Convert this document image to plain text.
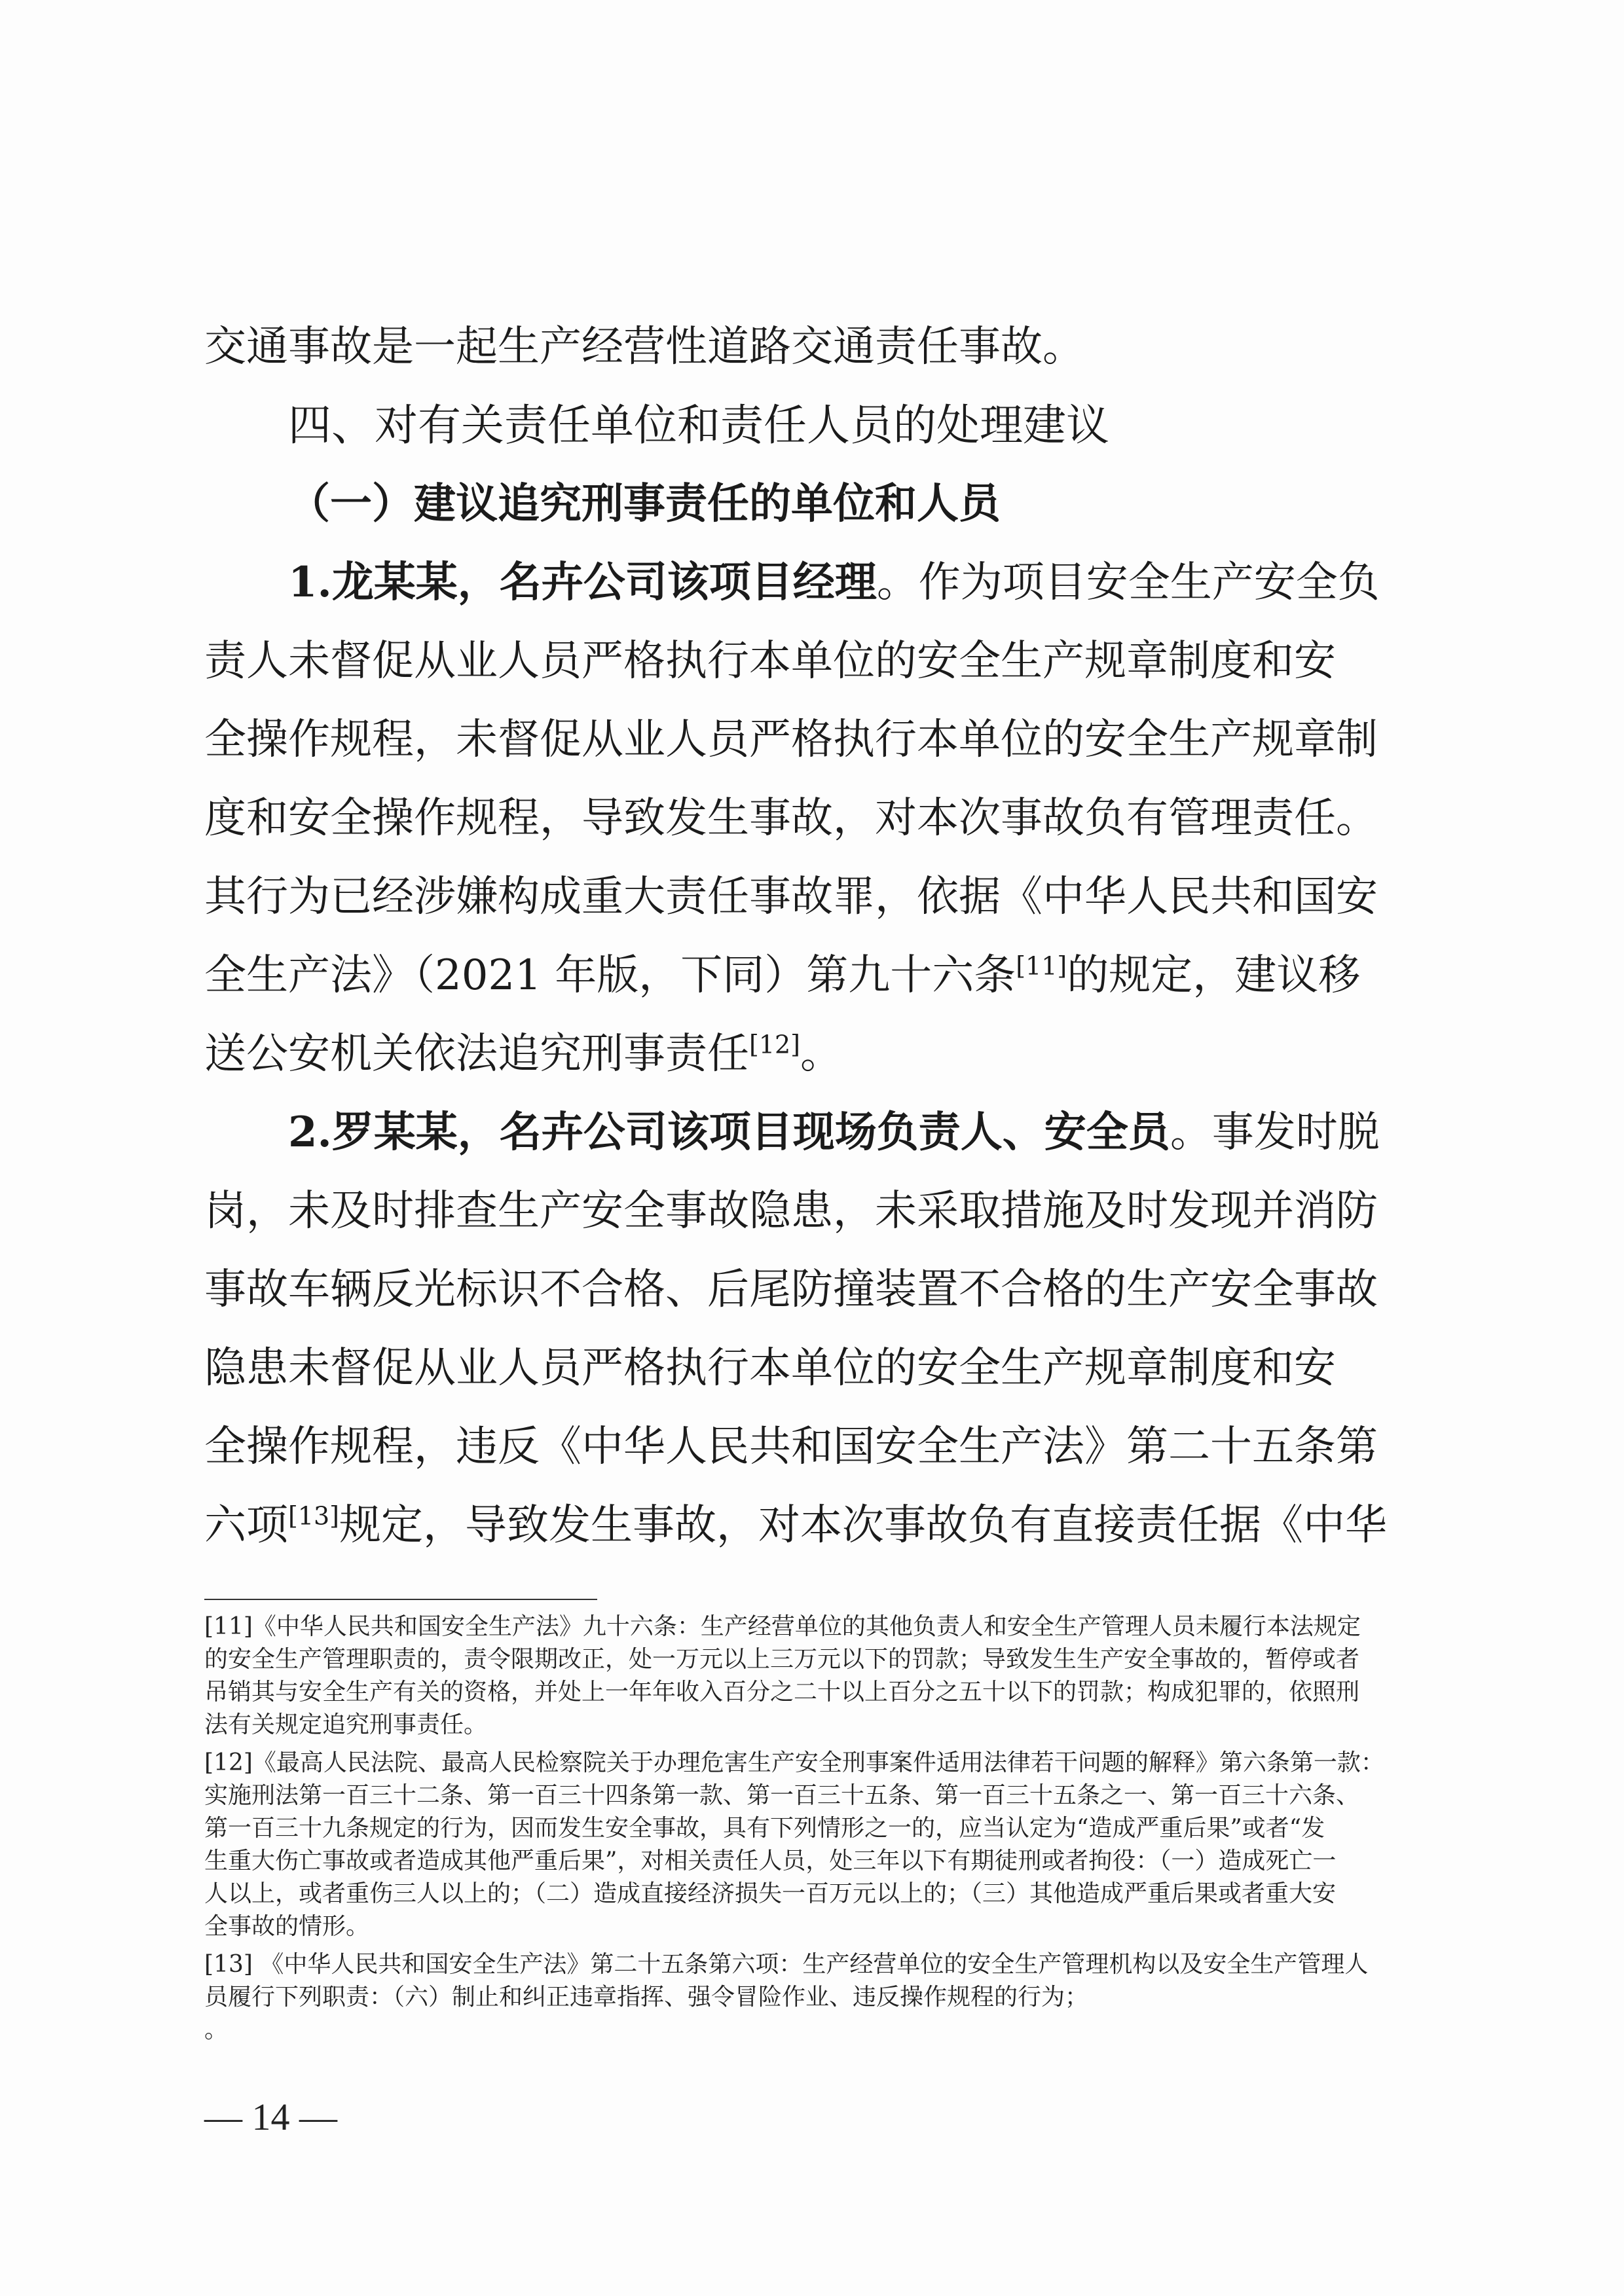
交通事故是一起生产经营性道路交通责任事故。
四、对有关责任单位和责任人员的处理建议
（一）建议追究刑事责任的单位和人员
1.龙某某，名卉公司该项目经理。作为项目安全生产安全负
责人未督促从业人员严格执行本单位的安全生产规章制度和安
全操作规程，未督促从业人员严格执行本单位的安全生产规章制
度和安全操作规程，导致发生事故，对本次事故负有管理责任。
其行为已经涉嫌构成重大责任事故罪，依据《中华人民共和国安
全生产法》（2021 年版，下同）第九十六条[11]的规定，建议移
送公安机关依法追究刑事责任[12]。
2.罗某某，名卉公司该项目现场负责人、安全员。事发时脱
岗，未及时排查生产安全事故隐患，未采取措施及时发现并消防
事故车辆反光标识不合格、后尾防撞装置不合格的生产安全事故
隐患未督促从业人员严格执行本单位的安全生产规章制度和安
全操作规程，违反《中华人民共和国安全生产法》第二十五条第
六项[13]规定，导致发生事故，对本次事故负有直接责任据《中华
[11]《中华人民共和国安全生产法》九十六条：生产经营单位的其他负责人和安全生产管理人员未履行本法规定
的安全生产管理职责的，责令限期改正，处一万元以上三万元以下的罚款；导致发生生产安全事故的，暂停或者
吊销其与安全生产有关的资格，并处上一年年收入百分之二十以上百分之五十以下的罚款；构成犯罪的，依照刑
法有关规定追究刑事责任。
[12]《最高人民法院、最高人民检察院关于办理危害生产安全刑事案件适用法律若干问题的解释》第六条第一款：
实施刑法第一百三十二条、第一百三十四条第一款、第一百三十五条、第一百三十五条之一、第一百三十六条、
第一百三十九条规定的行为，因而发生安全事故，具有下列情形之一的，应当认定为“造成严重后果”或者“发
生重大伤亡事故或者造成其他严重后果”，对相关责任人员，处三年以下有期徒刑或者拘役：（一）造成死亡一
人以上，或者重伤三人以上的；（二）造成直接经济损失一百万元以上的；（三）其他造成严重后果或者重大安
全事故的情形。
[13] 《中华人民共和国安全生产法》第二十五条第六项：生产经营单位的安全生产管理机构以及安全生产管理人
员履行下列职责：（六）制止和纠正违章指挥、强令冒险作业、违反操作规程的行为；
。
— 14 —
